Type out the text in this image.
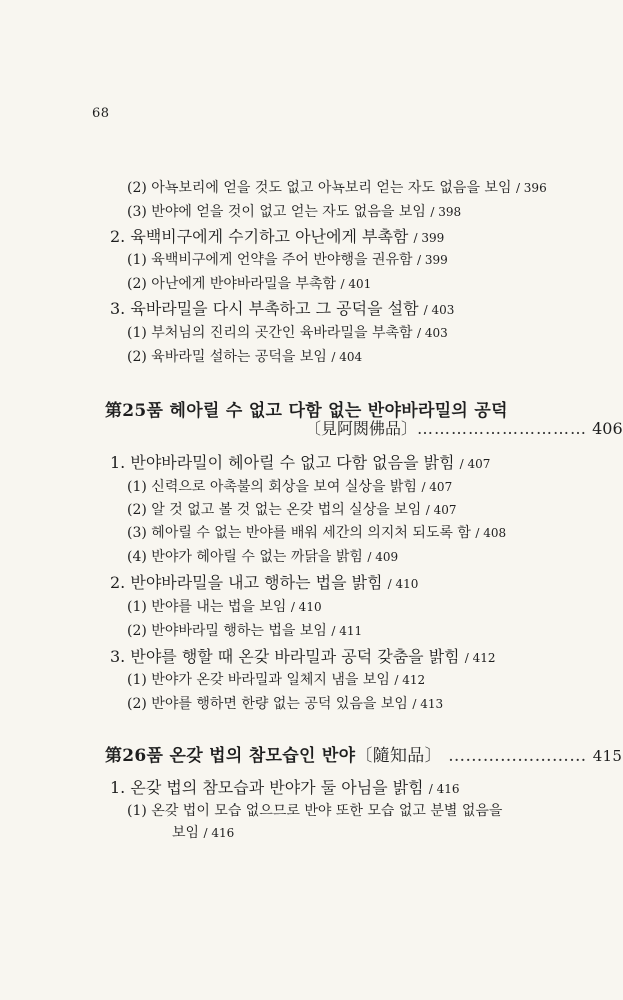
68
(2) 아뇩보리에 얻을 것도 없고 아뇩보리 얻는 자도 없음을 보임 / 396
(3) 반야에 얻을 것이 없고 얻는 자도 없음을 보임 / 398
2. 육백비구에게 수기하고 아난에게 부촉함 / 399
(1) 육백비구에게 언약을 주어 반야행을 권유함 / 399
(2) 아난에게 반야바라밀을 부촉함 / 401
3. 육바라밀을 다시 부촉하고 그 공덕을 설함 / 403
(1) 부처님의 진리의 곳간인 육바라밀을 부촉함 / 403
(2) 육바라밀 설하는 공덕을 보임 / 404
第25품 헤아릴 수 없고 다함 없는 반야바라밀의 공덕
〔見阿閦佛品〕………………………… 406
1. 반야바라밀이 헤아릴 수 없고 다함 없음을 밝힘 / 407
(1) 신력으로 아촉불의 회상을 보여 실상을 밝힘 / 407
(2) 알 것 없고 볼 것 없는 온갖 법의 실상을 보임 / 407
(3) 헤아릴 수 없는 반야를 배워 세간의 의지처 되도록 함 / 408
(4) 반야가 헤아릴 수 없는 까닭을 밝힘 / 409
2. 반야바라밀을 내고 행하는 법을 밝힘 / 410
(1) 반야를 내는 법을 보임 / 410
(2) 반야바라밀 행하는 법을 보임 / 411
3. 반야를 행할 때 온갖 바라밀과 공덕 갖춤을 밝힘 / 412
(1) 반야가 온갖 바라밀과 일체지 냄을 보임 / 412
(2) 반야를 행하면 한량 없는 공덕 있음을 보임 / 413
第26품 온갖 법의 참모습인 반야〔隨知品〕 …………………… 415
1. 온갖 법의 참모습과 반야가 둘 아님을 밝힘 / 416
(1) 온갖 법이 모습 없으므로 반야 또한 모습 없고 분별 없음을
보임 / 416
